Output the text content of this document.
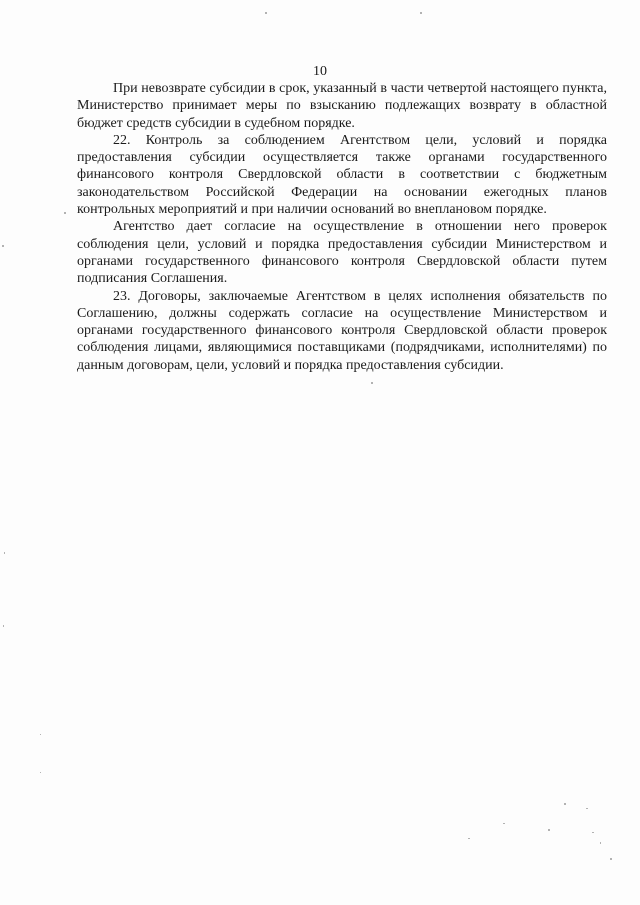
10

При невозврате субсидии в срок, указанный в части четвертой настоящего пункта, Министерство принимает меры по взысканию подлежащих возврату в областной бюджет средств субсидии в судебном порядке.

22. Контроль за соблюдением Агентством цели, условий и порядка предоставления субсидии осуществляется также органами государственного финансового контроля Свердловской области в соответствии с бюджетным законодательством Российской Федерации на основании ежегодных планов контрольных мероприятий и при наличии оснований во внеплановом порядке.

Агентство дает согласие на осуществление в отношении него проверок соблюдения цели, условий и порядка предоставления субсидии Министерством и органами государственного финансового контроля Свердловской области путем подписания Соглашения.

23. Договоры, заключаемые Агентством в целях исполнения обязательств по Соглашению, должны содержать согласие на осуществление Министерством и органами государственного финансового контроля Свердловской области проверок соблюдения лицами, являющимися поставщиками (подрядчиками, исполнителями) по данным договорам, цели, условий и порядка предоставления субсидии.
